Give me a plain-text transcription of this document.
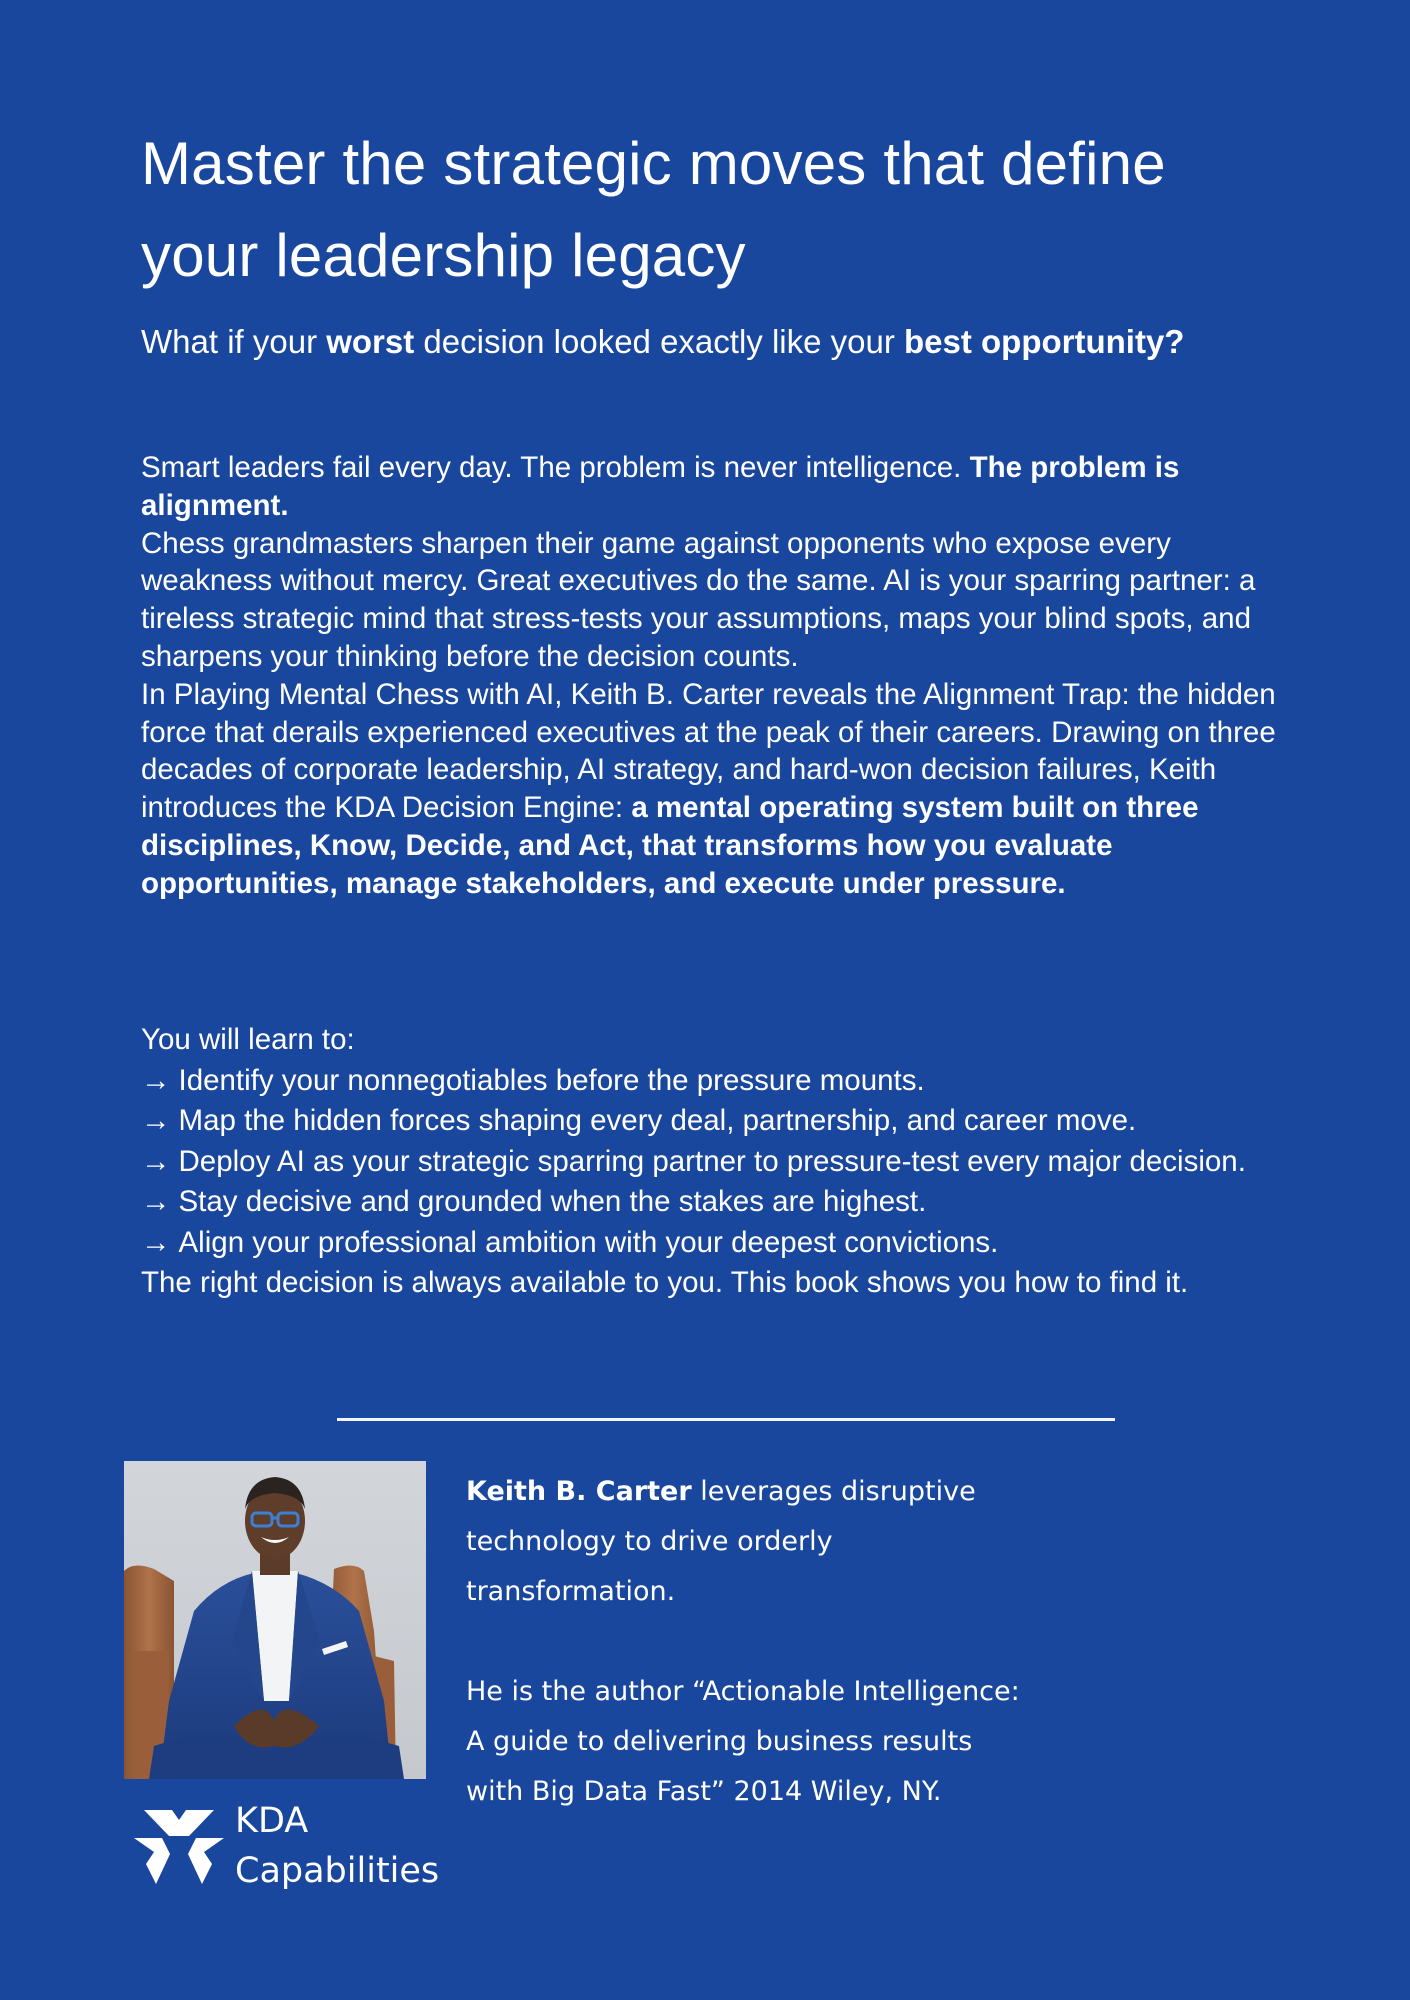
Master the strategic moves that define your leadership legacy

What if your worst decision looked exactly like your best opportunity?

Smart leaders fail every day. The problem is never intelligence. The problem is alignment.

Chess grandmasters sharpen their game against opponents who expose every weakness without mercy. Great executives do the same. AI is your sparring partner: a tireless strategic mind that stress-tests your assumptions, maps your blind spots, and sharpens your thinking before the decision counts.

In Playing Mental Chess with AI, Keith B. Carter reveals the Alignment Trap: the hidden force that derails experienced executives at the peak of their careers. Drawing on three decades of corporate leadership, AI strategy, and hard-won decision failures, Keith introduces the KDA Decision Engine: a mental operating system built on three disciplines, Know, Decide, and Act, that transforms how you evaluate opportunities, manage stakeholders, and execute under pressure.

You will learn to:

→ Identify your nonnegotiables before the pressure mounts.
→ Map the hidden forces shaping every deal, partnership, and career move.
→ Deploy AI as your strategic sparring partner to pressure-test every major decision.
→ Stay decisive and grounded when the stakes are highest.
→ Align your professional ambition with your deepest convictions.

The right decision is always available to you. This book shows you how to find it.

KDA
Capabilities

Keith B. Carter leverages disruptive technology to drive orderly transformation.

He is the author “Actionable Intelligence: A guide to delivering business results with Big Data Fast” 2014 Wiley, NY.
